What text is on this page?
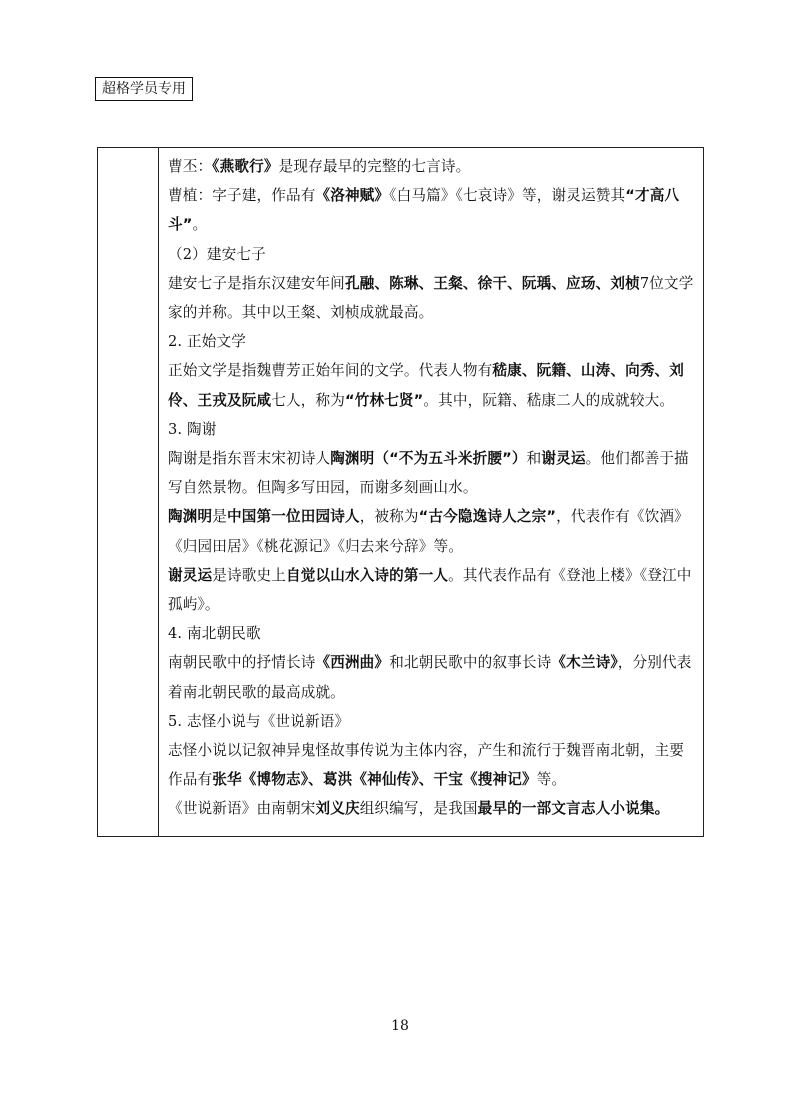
超格学员专用

曹丕：《燕歌行》是现存最早的完整的七言诗。

曹植：字子建，作品有《洛神赋》《白马篇》《七哀诗》等，谢灵运赞其“才高八斗”。

（2）建安七子

建安七子是指东汉建安年间孔融、陈琳、王粲、徐干、阮瑀、应玚、刘桢7位文学家的并称。其中以王粲、刘桢成就最高。

2. 正始文学

正始文学是指魏曹芳正始年间的文学。代表人物有嵇康、阮籍、山涛、向秀、刘伶、王戎及阮咸七人，称为“竹林七贤”。其中，阮籍、嵇康二人的成就较大。

3. 陶谢

陶谢是指东晋末宋初诗人陶渊明（“不为五斗米折腰”）和谢灵运。他们都善于描写自然景物。但陶多写田园，而谢多刻画山水。

陶渊明是中国第一位田园诗人，被称为“古今隐逸诗人之宗”，代表作有《饮酒》《归园田居》《桃花源记》《归去来兮辞》等。

谢灵运是诗歌史上自觉以山水入诗的第一人。其代表作品有《登池上楼》《登江中孤屿》。

4. 南北朝民歌

南朝民歌中的抒情长诗《西洲曲》和北朝民歌中的叙事长诗《木兰诗》，分别代表着南北朝民歌的最高成就。

5. 志怪小说与《世说新语》

志怪小说以记叙神异鬼怪故事传说为主体内容，产生和流行于魏晋南北朝，主要作品有张华《博物志》、葛洪《神仙传》、干宝《搜神记》等。

《世说新语》由南朝宋刘义庆组织编写，是我国最早的一部文言志人小说集。

18
